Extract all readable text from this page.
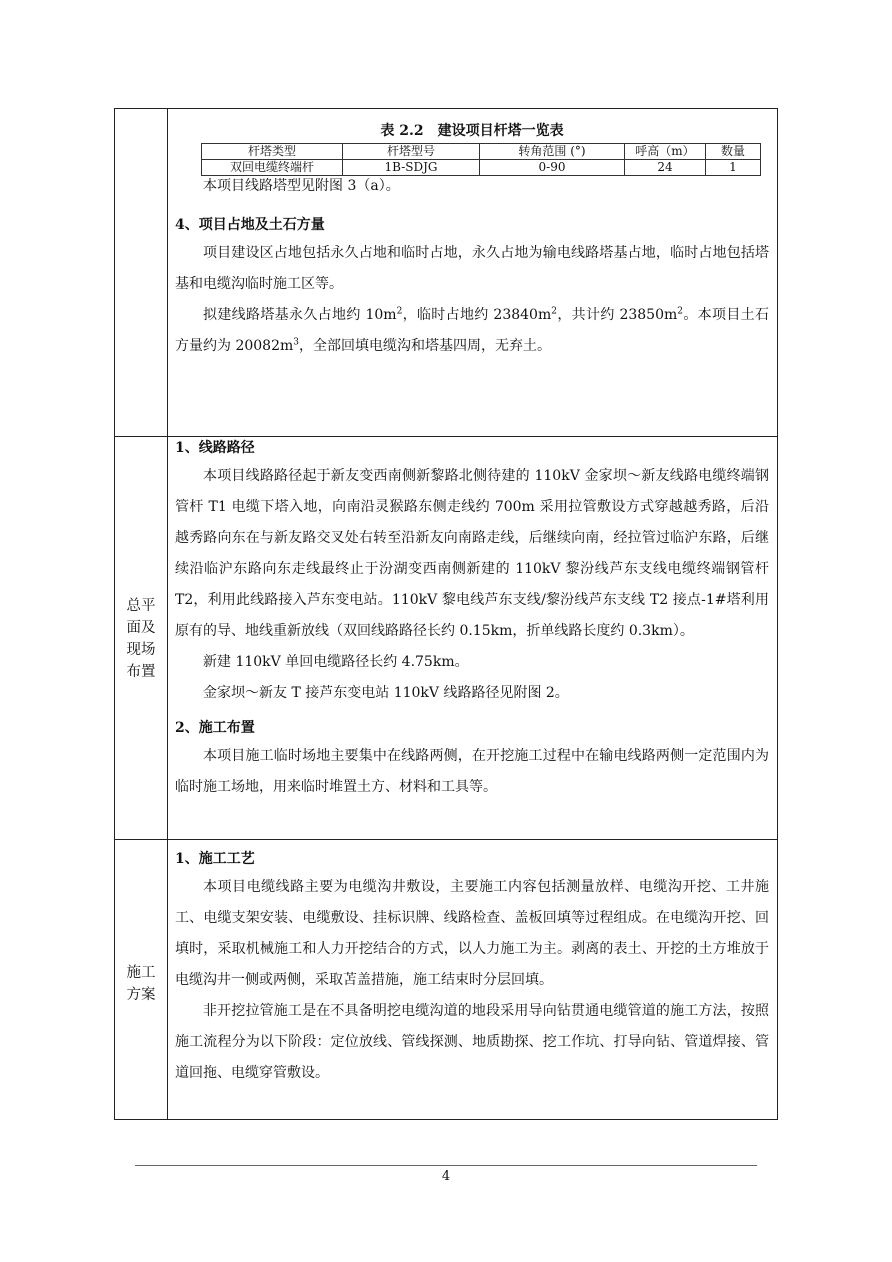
表 2.2　建设项目杆塔一览表
杆塔类型	杆塔型号	转角范围 (°)	呼高（m）	数量
双回电缆终端杆	1B-SDJG	0-90	24	1

本项目线路塔型见附图 3（a）。

4、项目占地及土石方量

项目建设区占地包括永久占地和临时占地，永久占地为输电线路塔基占地，临时占地包括塔基和电缆沟临时施工区等。

拟建线路塔基永久占地约 $10m^2$，临时占地约 $23840m^2$，共计约 $23850m^2$。本项目土石方量约为 $20082m^3$，全部回填电缆沟和塔基四周，无弃土。

总平
面及
现场
布置

1、线路路径

本项目线路路径起于新友变西南侧新黎路北侧待建的 110kV 金家坝～新友线路电缆终端钢管杆 T1 电缆下塔入地，向南沿灵猴路东侧走线约 700m 采用拉管敷设方式穿越越秀路，后沿越秀路向东在与新友路交叉处右转至沿新友向南路走线，后继续向南，经拉管过临沪东路，后继续沿临沪东路向东走线最终止于汾湖变西南侧新建的 110kV 黎汾线芦东支线电缆终端钢管杆 T2，利用此线路接入芦东变电站。110kV 黎电线芦东支线/黎汾线芦东支线 T2 接点-1#塔利用原有的导、地线重新放线（双回线路路径长约 0.15km，折单线路长度约 0.3km）。

新建 110kV 单回电缆路径长约 4.75km。

金家坝～新友 T 接芦东变电站 110kV 线路路径见附图 2。

2、施工布置

本项目施工临时场地主要集中在线路两侧，在开挖施工过程中在输电线路两侧一定范围内为临时施工场地，用来临时堆置土方、材料和工具等。

施工
方案

1、施工工艺

本项目电缆线路主要为电缆沟井敷设，主要施工内容包括测量放样、电缆沟开挖、工井施工、电缆支架安装、电缆敷设、挂标识牌、线路检查、盖板回填等过程组成。在电缆沟开挖、回填时，采取机械施工和人力开挖结合的方式，以人力施工为主。剥离的表土、开挖的土方堆放于电缆沟井一侧或两侧，采取苫盖措施，施工结束时分层回填。

非开挖拉管施工是在不具备明挖电缆沟道的地段采用导向钻贯通电缆管道的施工方法，按照施工流程分为以下阶段：定位放线、管线探测、地质勘探、挖工作坑、打导向钻、管道焊接、管道回拖、电缆穿管敷设。

4
